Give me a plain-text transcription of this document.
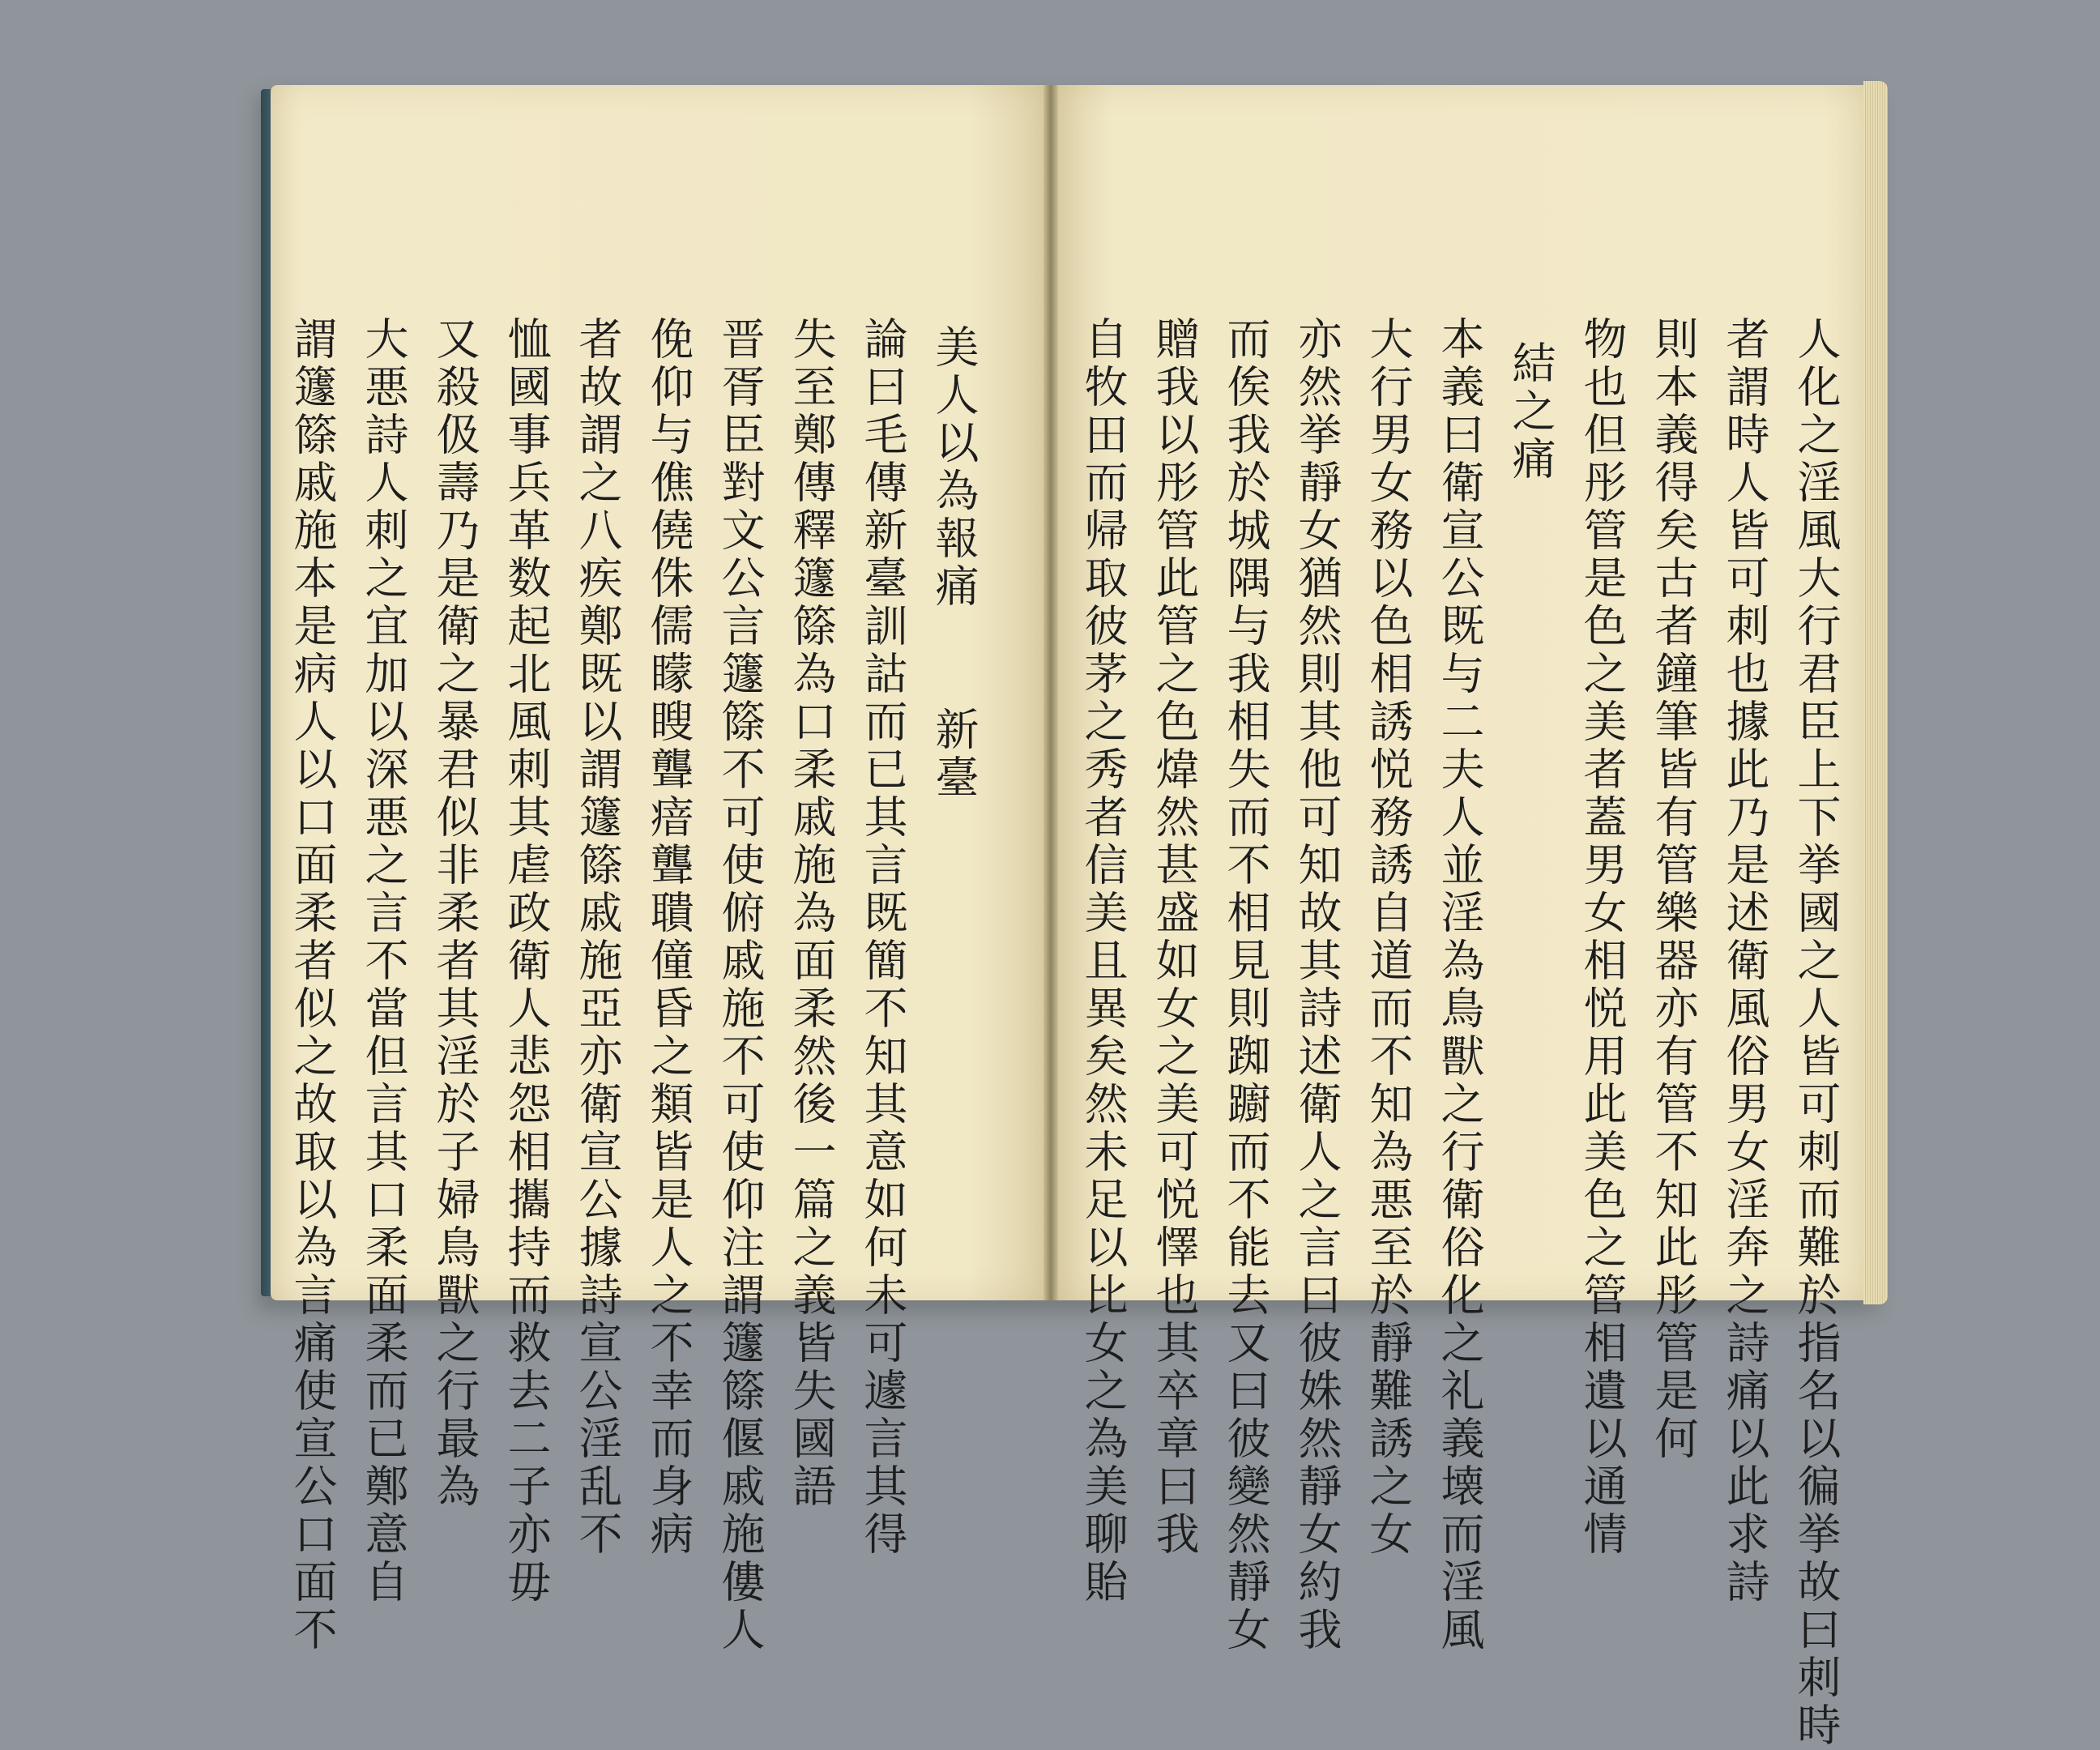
人化之淫風大行君臣上下挙國之人皆可刺而難於指名以徧挙故曰刺時
者謂時人皆可刺也據此乃是述衛風俗男女淫奔之詩痛以此求詩
則本義得矣古者鐘筆皆有管樂器亦有管不知此彤管是何
物也但彤管是色之美者蓋男女相悦用此美色之管相遺以通情
結之痛
本義曰衛宣公既与二夫人並淫為鳥獸之行衛俗化之礼義壊而淫風
大行男女務以色相誘悦務誘自道而不知為悪至於靜難誘之女
亦然挙靜女猶然則其他可知故其詩述衛人之言曰彼姝然靜女約我
而俟我於城隅与我相失而不相見則踟躕而不能去又曰彼變然靜女
贈我以彤管此管之色煒然甚盛如女之美可悦懌也其卒章曰我
自牧田而帰取彼茅之秀者信美且異矣然未足以比女之為美聊貽
美人以為報痛　　新臺
論曰毛傳新臺訓詁而已其言既簡不知其意如何未可遽言其得
失至鄭傳釋籧篨為口柔戚施為面柔然後一篇之義皆失國語
晋胥臣對文公言籧篨不可使俯戚施不可使仰注謂籧篨偃戚施僂人
俛仰与僬僥侏儒矇瞍聾瘖聾聵僮昏之類皆是人之不幸而身病
者故謂之八疾鄭既以謂籧篨戚施亞亦衛宣公據詩宣公淫乱不
恤國事兵革数起北風刺其虐政衛人悲怨相攜持而救去二子亦毋
又殺伋壽乃是衛之暴君似非柔者其淫於子婦鳥獸之行最為
大悪詩人刺之宜加以深悪之言不當但言其口柔面柔而已鄭意自
謂籧篨戚施本是病人以口面柔者似之故取以為言痛使宣公口面不
